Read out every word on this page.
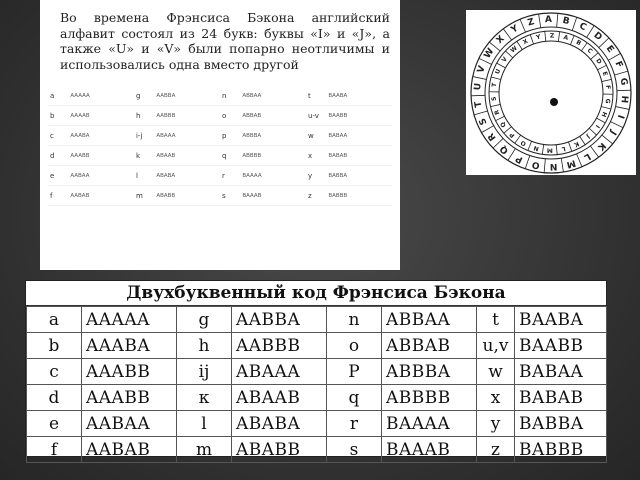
Во времена Фрэнсиса Бэкона английский алфавит состоял из 24 букв: буквы «I» и «J», а также «U» и «V» были попарно неотличимы и использовались одна вместо другой
a	AAAAA	g	AABBA	n	ABBAA	t	BAABA
b	AAAAB	h	AABBB	o	ABBAB	u-v	BAABB
c	AAABA	i-j	ABAAA	p	ABBBA	w	BABAA
d	AAABB	k	ABAAB	q	ABBBB	x	BABAB
e	AABAA	l	ABABA	r	BAAAA	y	BABBA
f	AABAB	m	ABABB	s	BAAAB	z	BABBB
A B C
D
E
F
G
H
I
J
K
L
M
N
O
P
Q
R
S
T
U
V
W
X
Y
Z
A
B
C
D
E
F
G
H
I
J
K
L
M
N
O
P
Q
R
S
T
U
V
W
X
Y Z
Двухбуквенный код Фрэнсиса Бэкона
a	AAAAA	g	AABBA	n	ABBAA	t	BAABA
b	AAABA	h	AABBB	o	ABBAB	u,v	BAABB
c	AAABB	ij	ABAAA	P	ABBBA	w	BABAA
d	AAABB	к	ABAAB	q	ABBBB	x	BABAB
e	AABAA	l	ABABA	r	BAAAA	y	BABBA
f	AABAB	m	ABABB	s	BAAAB	z	BABBB
